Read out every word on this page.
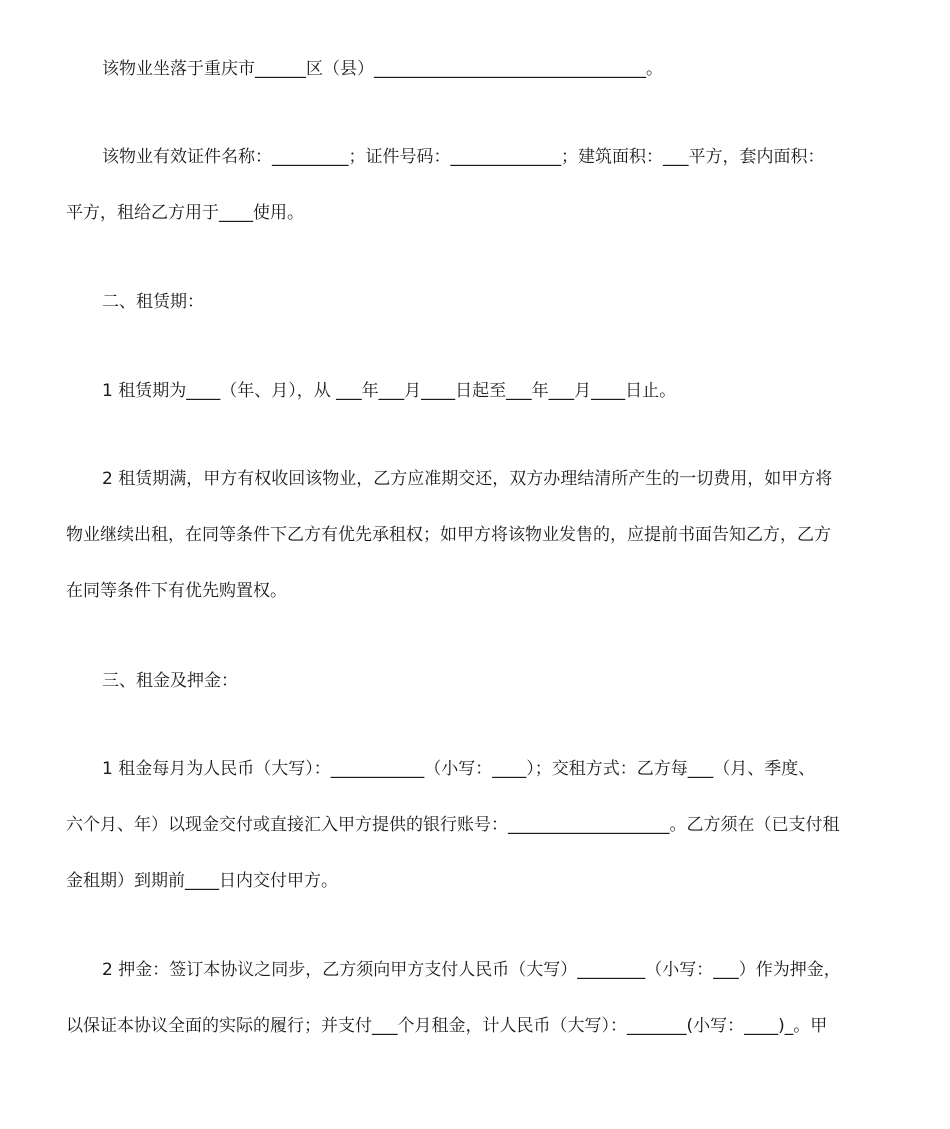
该物业坐落于重庆市______区（县）________________________________。
该物业有效证件名称：_________；证件号码：_____________；建筑面积：___平方，套内面积：
平方，租给乙方用于____使用。
二、租赁期：
1 租赁期为____（年、月），从 ___年___月____日起至___年___月____日止。
2 租赁期满，甲方有权收回该物业，乙方应准期交还，双方办理结清所产生的一切费用，如甲方将
物业继续出租，在同等条件下乙方有优先承租权；如甲方将该物业发售的，应提前书面告知乙方，乙方
在同等条件下有优先购置权。
三、租金及押金：
1 租金每月为人民币（大写）：___________（小写：____）；交租方式：乙方每___（月、季度、
六个月、年）以现金交付或直接汇入甲方提供的银行账号：___________________。乙方须在（已支付租
金租期）到期前____日内交付甲方。
2 押金：签订本协议之同步，乙方须向甲方支付人民币（大写）________（小写：___）作为押金，
以保证本协议全面的实际的履行；并支付___个月租金，计人民币（大写）：_______(小写：____)_。甲
